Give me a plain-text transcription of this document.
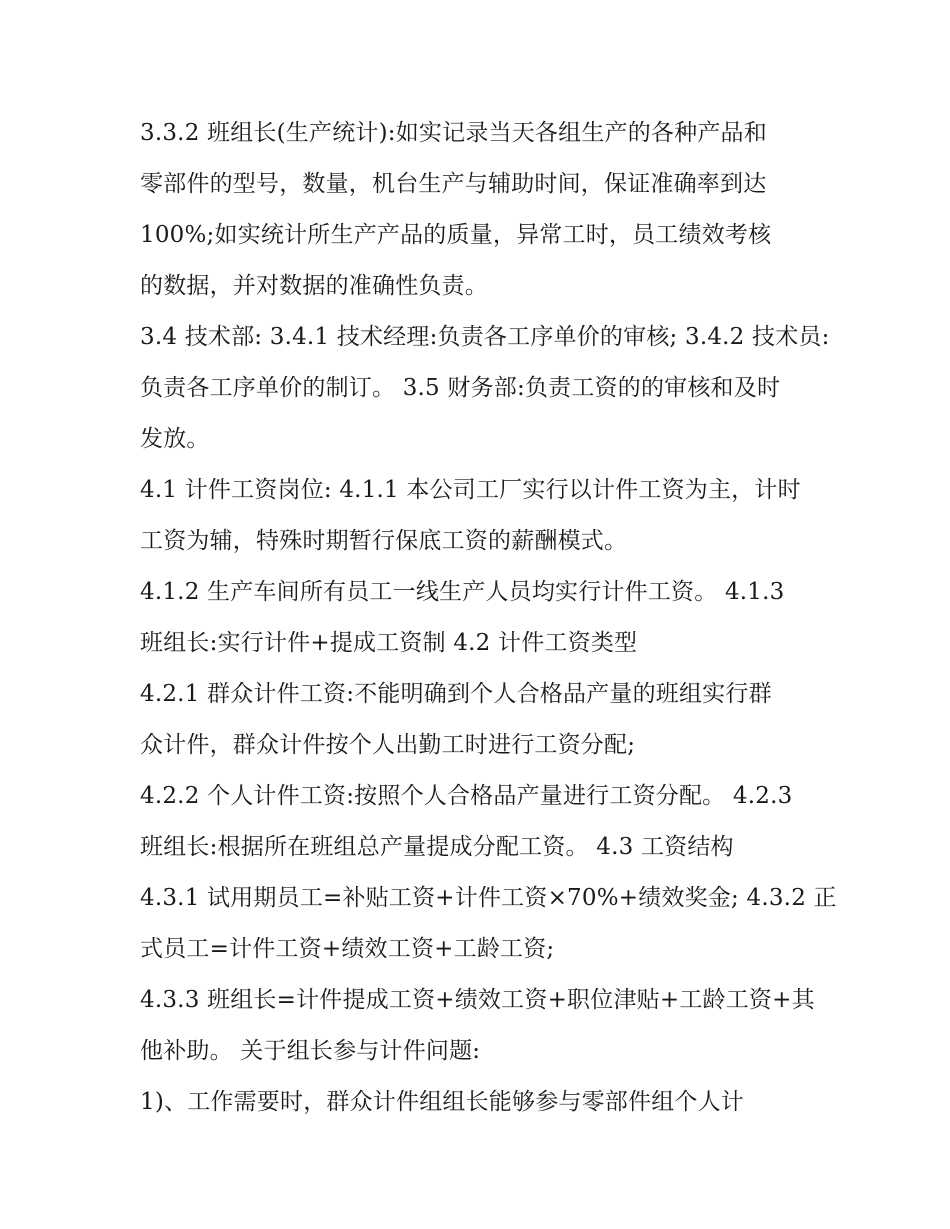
3.3.2 班组长(生产统计):如实记录当天各组生产的各种产品和
零部件的型号，数量，机台生产与辅助时间，保证准确率到达
100%;如实统计所生产产品的质量，异常工时，员工绩效考核
的数据，并对数据的准确性负责。
3.4 技术部: 3.4.1 技术经理:负责各工序单价的审核; 3.4.2 技术员:
负责各工序单价的制订。 3.5 财务部:负责工资的的审核和及时
发放。
4.1 计件工资岗位: 4.1.1 本公司工厂实行以计件工资为主，计时
工资为辅，特殊时期暂行保底工资的薪酬模式。
4.1.2 生产车间所有员工一线生产人员均实行计件工资。 4.1.3
班组长:实行计件+提成工资制 4.2 计件工资类型
4.2.1 群众计件工资:不能明确到个人合格品产量的班组实行群
众计件，群众计件按个人出勤工时进行工资分配;
4.2.2 个人计件工资:按照个人合格品产量进行工资分配。 4.2.3
班组长:根据所在班组总产量提成分配工资。 4.3 工资结构
4.3.1 试用期员工=补贴工资+计件工资×70%+绩效奖金; 4.3.2 正
式员工=计件工资+绩效工资+工龄工资;
4.3.3 班组长=计件提成工资+绩效工资+职位津贴+工龄工资+其
他补助。 关于组长参与计件问题:
1)、工作需要时，群众计件组组长能够参与零部件组个人计
